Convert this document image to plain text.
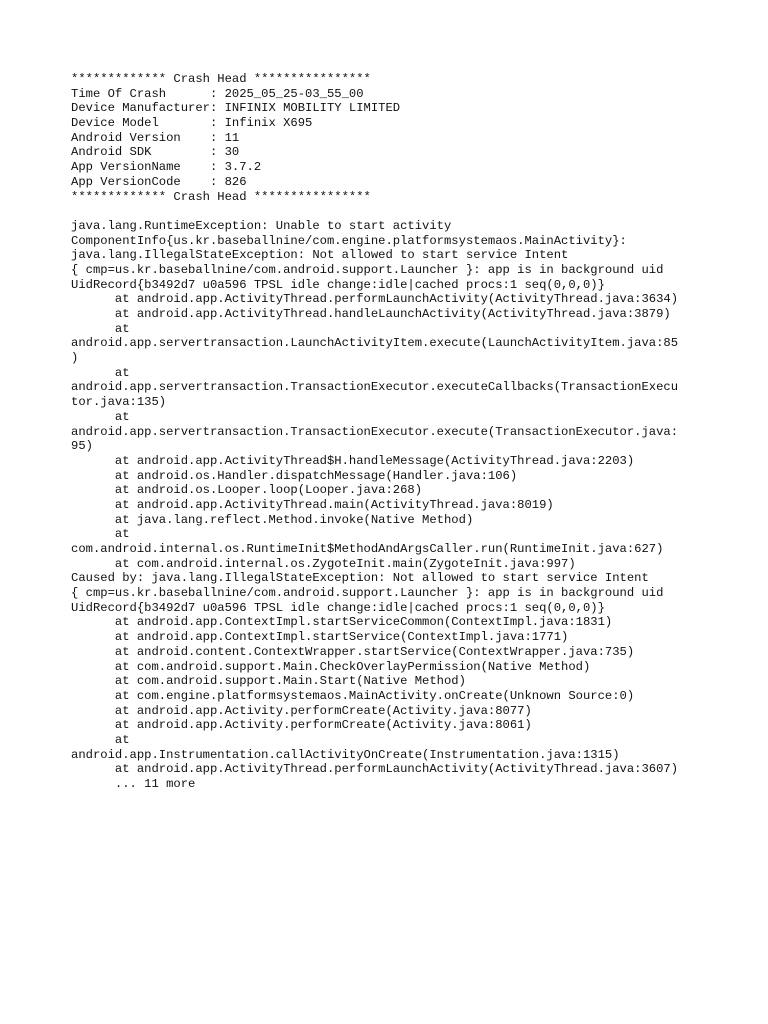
************* Crash Head ****************
Time Of Crash      : 2025_05_25-03_55_00
Device Manufacturer: INFINIX MOBILITY LIMITED
Device Model       : Infinix X695
Android Version    : 11
Android SDK        : 30
App VersionName    : 3.7.2
App VersionCode    : 826
************* Crash Head ****************
java.lang.RuntimeException: Unable to start activity
ComponentInfo{us.kr.baseballnine/com.engine.platformsystemaos.MainActivity}:
java.lang.IllegalStateException: Not allowed to start service Intent
{ cmp=us.kr.baseballnine/com.android.support.Launcher }: app is in background uid
UidRecord{b3492d7 u0a596 TPSL idle change:idle|cached procs:1 seq(0,0,0)}
at android.app.ActivityThread.performLaunchActivity(ActivityThread.java:3634)
at android.app.ActivityThread.handleLaunchActivity(ActivityThread.java:3879)
at
android.app.servertransaction.LaunchActivityItem.execute(LaunchActivityItem.java:85
)
at
android.app.servertransaction.TransactionExecutor.executeCallbacks(TransactionExecu
tor.java:135)
at
android.app.servertransaction.TransactionExecutor.execute(TransactionExecutor.java:
95)
at android.app.ActivityThread$H.handleMessage(ActivityThread.java:2203)
at android.os.Handler.dispatchMessage(Handler.java:106)
at android.os.Looper.loop(Looper.java:268)
at android.app.ActivityThread.main(ActivityThread.java:8019)
at java.lang.reflect.Method.invoke(Native Method)
at
com.android.internal.os.RuntimeInit$MethodAndArgsCaller.run(RuntimeInit.java:627)
at com.android.internal.os.ZygoteInit.main(ZygoteInit.java:997)
Caused by: java.lang.IllegalStateException: Not allowed to start service Intent
{ cmp=us.kr.baseballnine/com.android.support.Launcher }: app is in background uid
UidRecord{b3492d7 u0a596 TPSL idle change:idle|cached procs:1 seq(0,0,0)}
at android.app.ContextImpl.startServiceCommon(ContextImpl.java:1831)
at android.app.ContextImpl.startService(ContextImpl.java:1771)
at android.content.ContextWrapper.startService(ContextWrapper.java:735)
at com.android.support.Main.CheckOverlayPermission(Native Method)
at com.android.support.Main.Start(Native Method)
at com.engine.platformsystemaos.MainActivity.onCreate(Unknown Source:0)
at android.app.Activity.performCreate(Activity.java:8077)
at android.app.Activity.performCreate(Activity.java:8061)
at
android.app.Instrumentation.callActivityOnCreate(Instrumentation.java:1315)
at android.app.ActivityThread.performLaunchActivity(ActivityThread.java:3607)
... 11 more
